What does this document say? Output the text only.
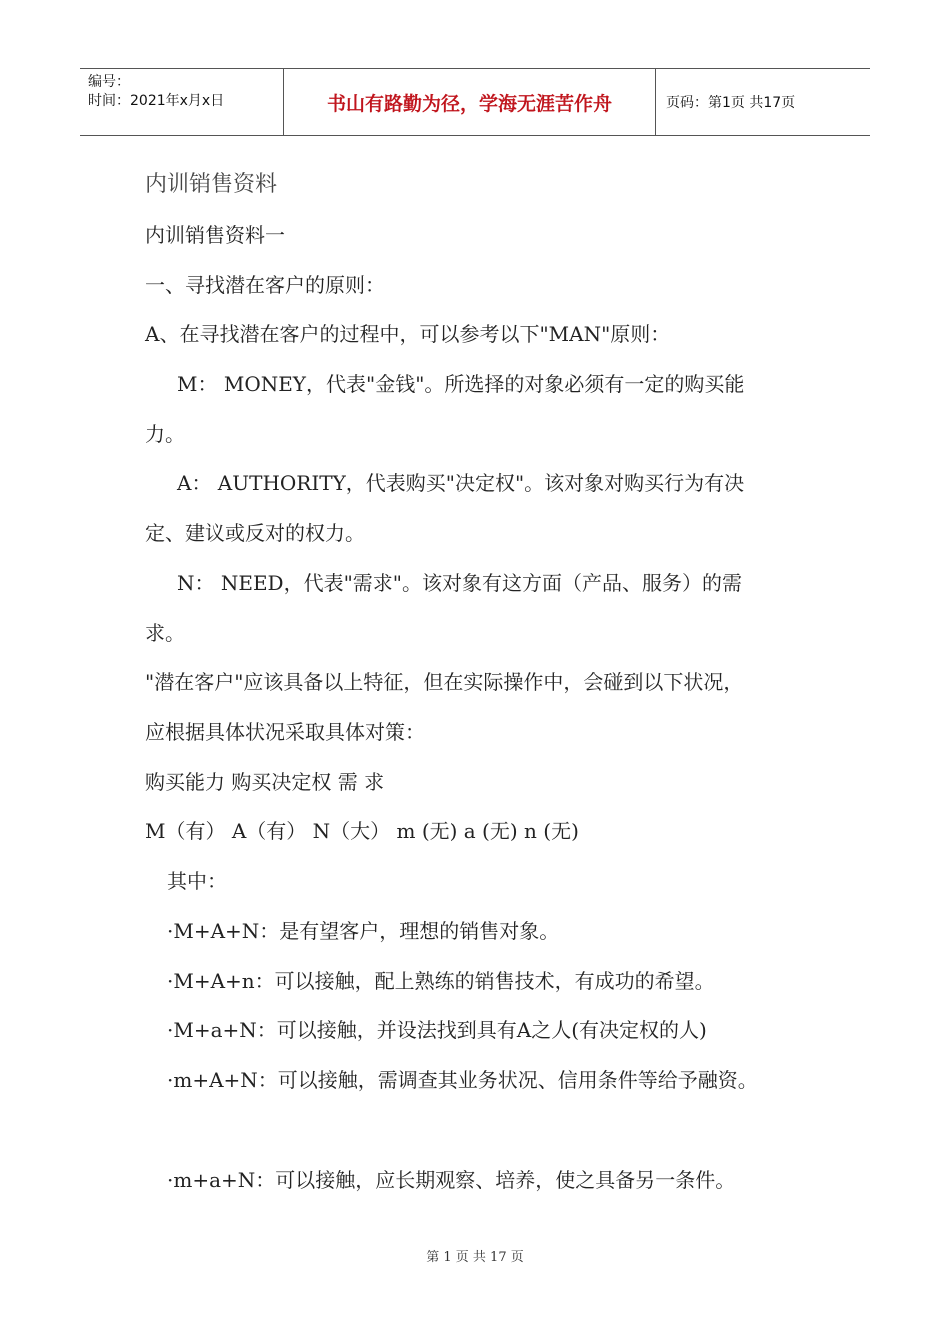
编号：
时间：2021年x月x日	书山有路勤为径，学海无涯苦作舟	页码：第1页 共17页
内训销售资料
内训销售资料一
一、寻找潜在客户的原则：
A、在寻找潜在客户的过程中，可以参考以下"MAN"原则：
M： MONEY，代表"金钱"。所选择的对象必须有一定的购买能
力。
A： AUTHORITY，代表购买"决定权"。该对象对购买行为有决
定、建议或反对的权力。
N： NEED，代表"需求"。该对象有这方面（产品、服务）的需
求。
"潜在客户"应该具备以上特征，但在实际操作中，会碰到以下状况，
应根据具体状况采取具体对策：
购买能力 购买决定权 需 求
M（有） A（有） N（大） m (无) a (无) n (无)
其中：
·M+A+N：是有望客户，理想的销售对象。
·M+A+n：可以接触，配上熟练的销售技术，有成功的希望。
·M+a+N：可以接触，并设法找到具有A之人(有决定权的人)
·m+A+N：可以接触，需调查其业务状况、信用条件等给予融资。
·m+a+N：可以接触，应长期观察、培养，使之具备另一条件。
第 1 页 共 17 页
